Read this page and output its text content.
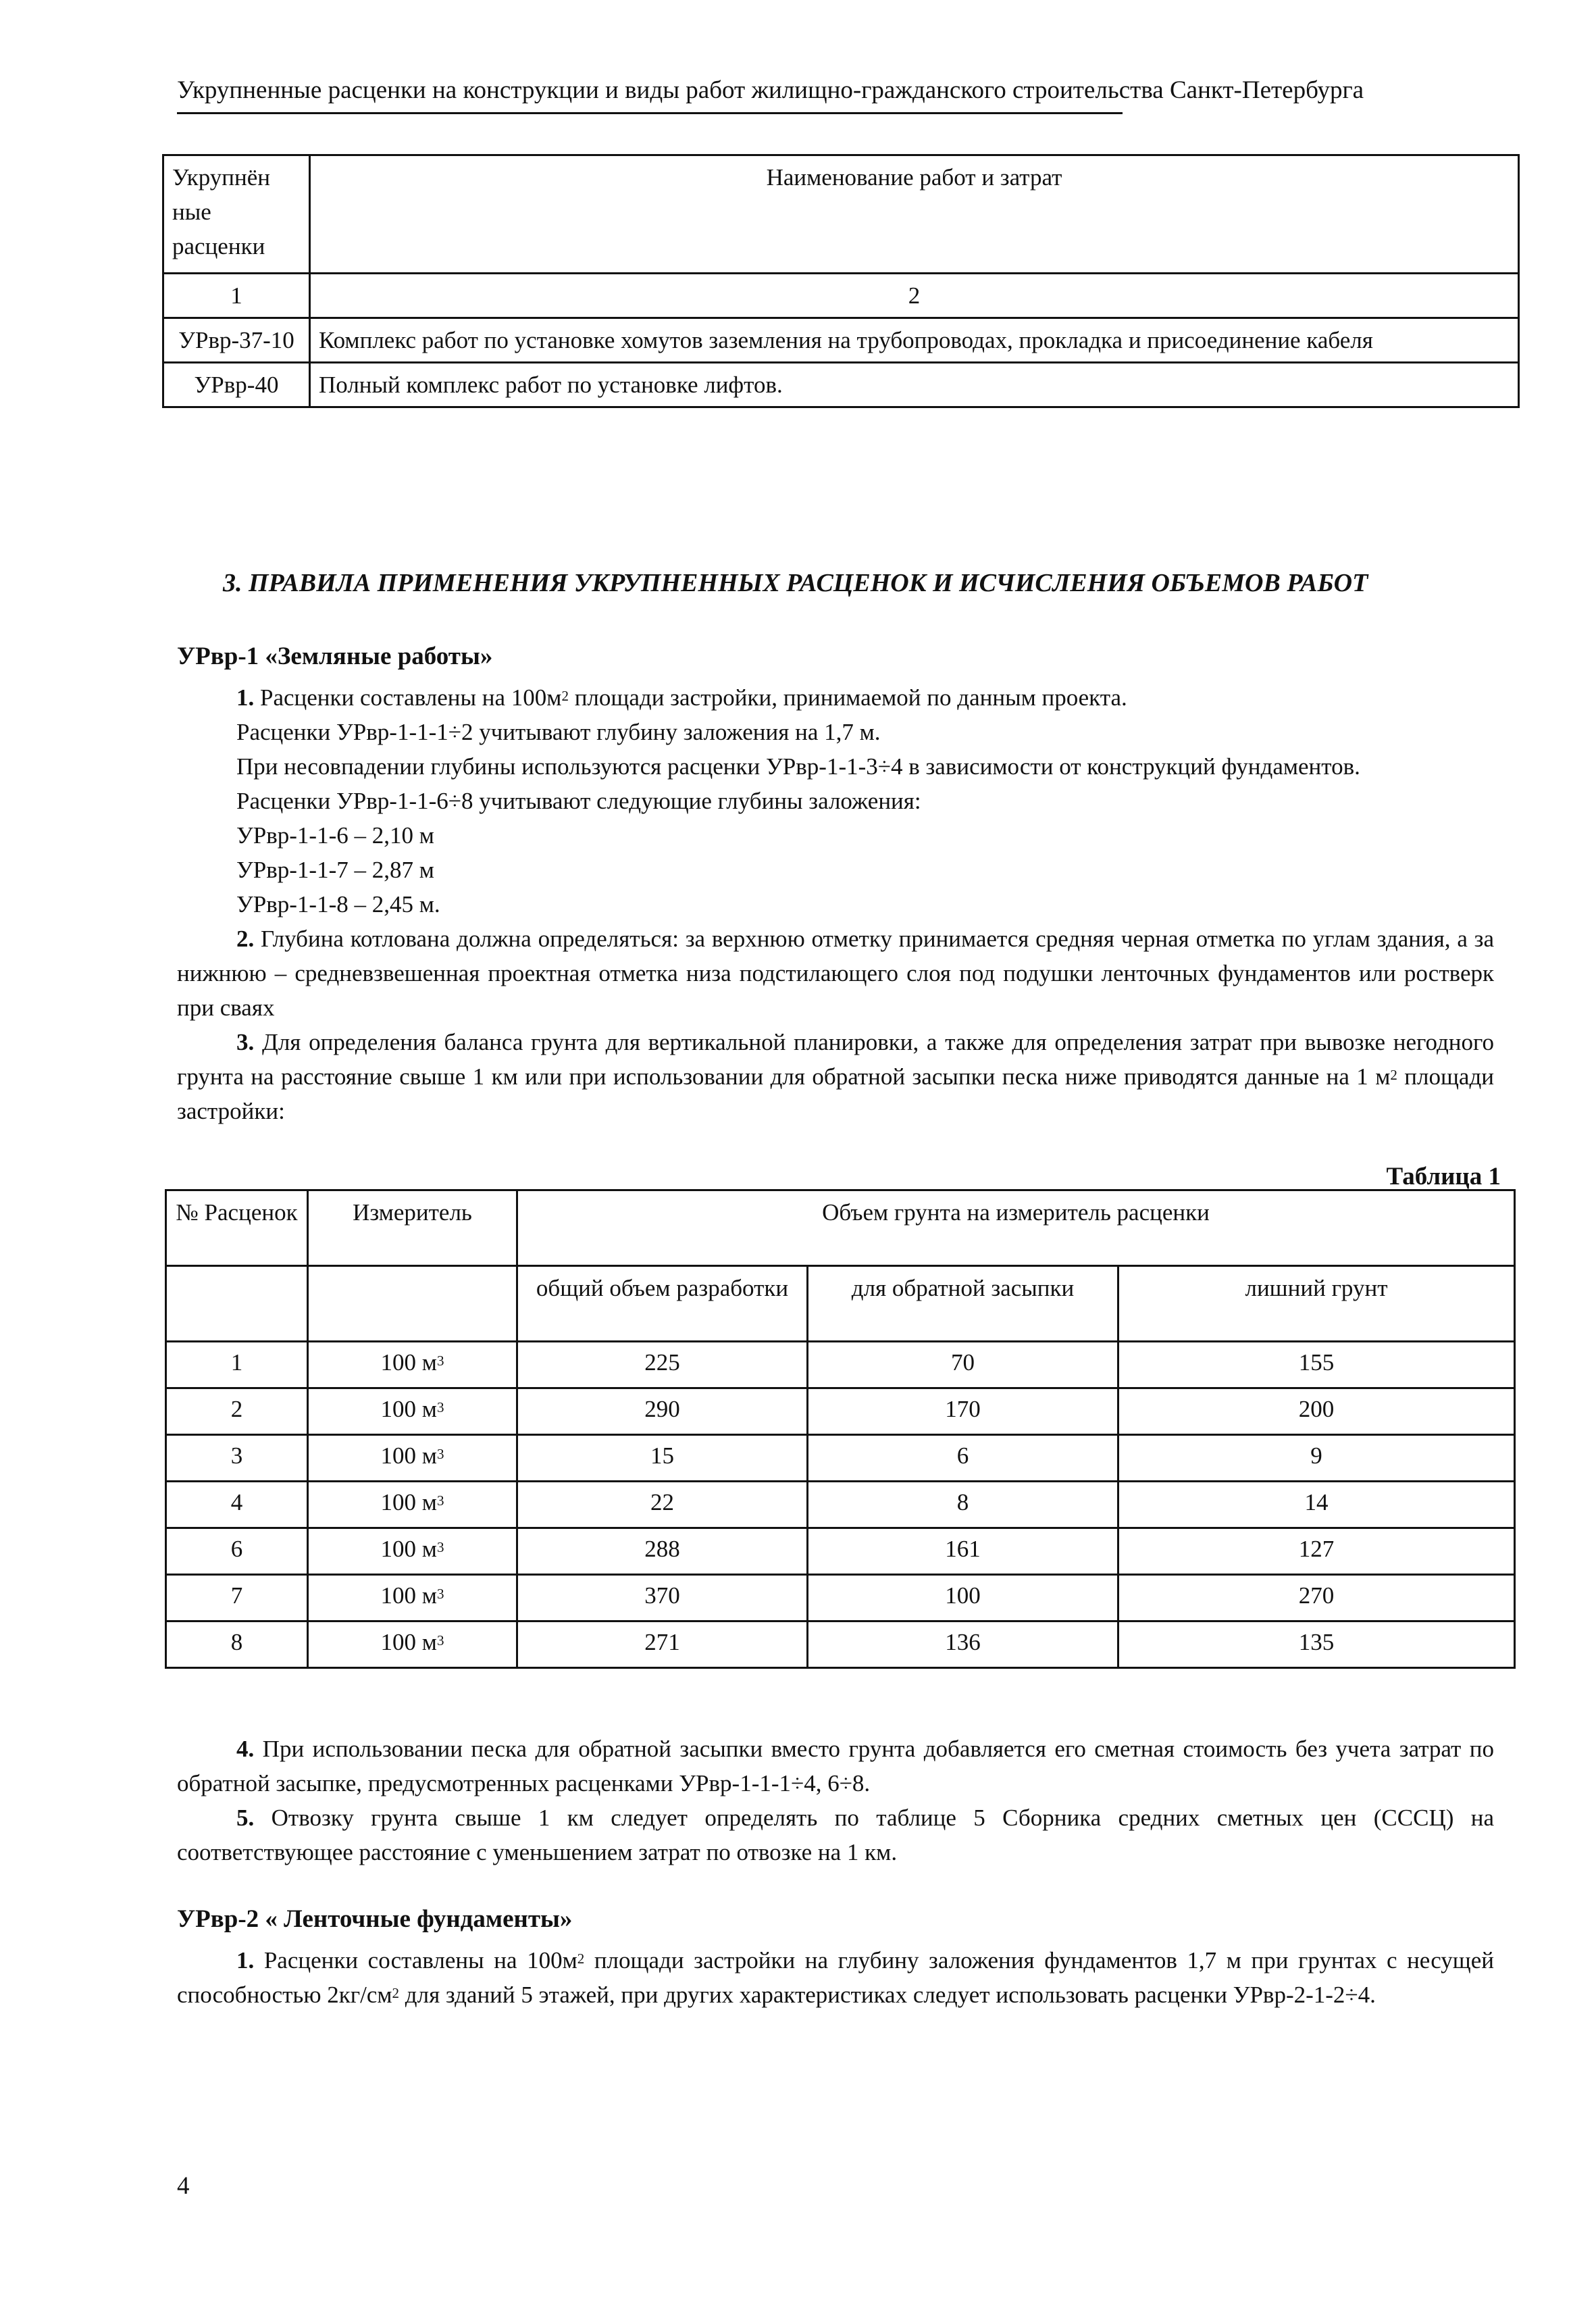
Укрупненные расценки на конструкции и виды работ жилищно-гражданского строительства Санкт-Петербурга
Укрупнён ные расценки	Наименование работ и затрат
1	2
УРвр-37-10	Комплекс работ по установке хомутов заземления на трубопроводах, прокладка и присоединение кабеля
УРвр-40	Полный комплекс работ по установке лифтов.
3. ПРАВИЛА ПРИМЕНЕНИЯ УКРУПНЕННЫХ РАСЦЕНОК И ИСЧИСЛЕНИЯ ОБЪЕМОВ РАБОТ
УРвр-1 «Земляные работы»

1. Расценки составлены на $100м^2$ площади застройки, принимаемой по данным проекта.

Расценки УРвр-1-1-1÷2 учитывают глубину заложения на 1,7 м.

При несовпадении глубины используются расценки УРвр-1-1-3÷4 в зависимости от конструкций фундаментов.

Расценки УРвр-1-1-6÷8 учитывают следующие глубины заложения:

УРвр-1-1-6 – 2,10 м

УРвр-1-1-7 – 2,87 м

УРвр-1-1-8 – 2,45 м.

2. Глубина котлована должна определяться: за верхнюю отметку принимается средняя черная отметка по углам здания, а за нижнюю – средневзвешенная проектная отметка низа подстилающего слоя под подушки ленточных фундаментов или ростверк при сваях

3. Для определения баланса грунта для вертикальной планировки, а также для определения затрат при вывозке негодного грунта на расстояние свыше 1 км или при использовании для обратной засыпки песка ниже приводятся данные на 1 $м^2$ площади застройки:

Таблица 1
№ Расценок	Измеритель	Объем грунта на измеритель расценки		
		общий объем разработки	для обратной засыпки	лишний грунт
1	100 $м^3$	225	70	155
2	100 $м^3$	290	170	200
3	100 $м^3$	15	6	9
4	100 $м^3$	22	8	14
6	100 $м^3$	288	161	127
7	100 $м^3$	370	100	270
8	100 $м^3$	271	136	135

4. При использовании песка для обратной засыпки вместо грунта добавляется его сметная стоимость без учета затрат по обратной засыпке, предусмотренных расценками УРвр-1-1-1÷4, 6÷8.

5. Отвозку грунта свыше 1 км следует определять по таблице 5 Сборника средних сметных цен (СССЦ) на соответствующее расстояние с уменьшением затрат по отвозке на 1 км.

УРвр-2 « Ленточные фундаменты»

1. Расценки составлены на $100м^2$ площади застройки на глубину заложения фундаментов 1,7 м при грунтах с несущей способностью $2кг/см^2$ для зданий 5 этажей, при других характеристиках следует использовать расценки УРвр-2-1-2÷4.

4
